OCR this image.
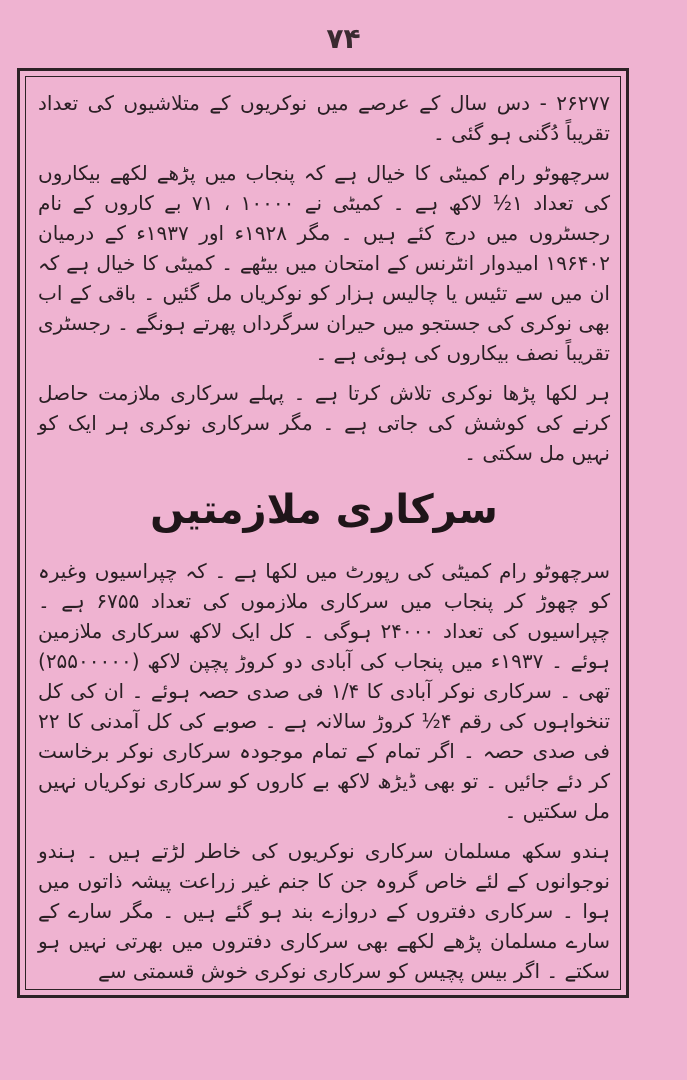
۷۴

۲۶۲۷۷ - دس سال کے عرصے میں نوکریوں کے متلاشیوں کی تعداد تقریباً دُگنی ہو گئی ۔

سرچھوٹو رام کمیٹی کا خیال ہے کہ پنجاب میں پڑھے لکھے بیکاروں کی تعداد ۱½ لاکھ ہے ۔ کمیٹی نے ۱۰۰۰۰ ، ۷۱ بے کاروں کے نام رجسٹروں میں درج کئے ہیں ۔ مگر ۱۹۲۸ء اور ۱۹۳۷ء کے درمیان ۱۹۶۴۰۲ امیدوار انٹرنس کے امتحان میں بیٹھے ۔ کمیٹی کا خیال ہے کہ ان میں سے تئیس یا چالیس ہزار کو نوکریاں مل گئیں ۔ باقی کے اب بھی نوکری کی جستجو میں حیران سرگرداں پھرتے ہونگے ۔ رجسٹری تقریباً نصف بیکاروں کی ہوئی ہے ۔

ہر لکھا پڑھا نوکری تلاش کرتا ہے ۔ پہلے سرکاری ملازمت حاصل کرنے کی کوشش کی جاتی ہے ۔ مگر سرکاری نوکری ہر ایک کو نہیں مل سکتی ۔

سرکاری ملازمتیں

سرچھوٹو رام کمیٹی کی رپورٹ میں لکھا ہے ۔ کہ چپراسیوں وغیرہ کو چھوڑ کر پنجاب میں سرکاری ملازموں کی تعداد ۶۷۵۵ ہے ۔ چپراسیوں کی تعداد ۲۴۰۰۰ ہوگی ۔ کل ایک لاکھ سرکاری ملازمین ہوئے ۔ ۱۹۳۷ء میں پنجاب کی آبادی دو کروڑ پچپن لاکھ (۲۵۵۰۰۰۰۰) تھی ۔ سرکاری نوکر آبادی کا ۱/۴ فی صدی حصہ ہوئے ۔ ان کی کل تنخواہوں کی رقم ۴½ کروڑ سالانہ ہے ۔ صوبے کی کل آمدنی کا ۲۲ فی صدی حصہ ۔ اگر تمام کے تمام موجودہ سرکاری نوکر برخاست کر دئے جائیں ۔ تو بھی ڈیڑھ لاکھ بے کاروں کو سرکاری نوکریاں نہیں مل سکتیں ۔

ہندو سکھ مسلمان سرکاری نوکریوں کی خاطر لڑتے ہیں ۔ ہندو نوجوانوں کے لئے خاص گروہ جن کا جنم غیر زراعت پیشہ ذاتوں میں ہوا ۔ سرکاری دفتروں کے دروازے بند ہو گئے ہیں ۔ مگر سارے کے سارے مسلمان پڑھے لکھے بھی سرکاری دفتروں میں بھرتی نہیں ہو سکتے ۔ اگر بیس پچیس کو سرکاری نوکری خوش قسمتی سے
